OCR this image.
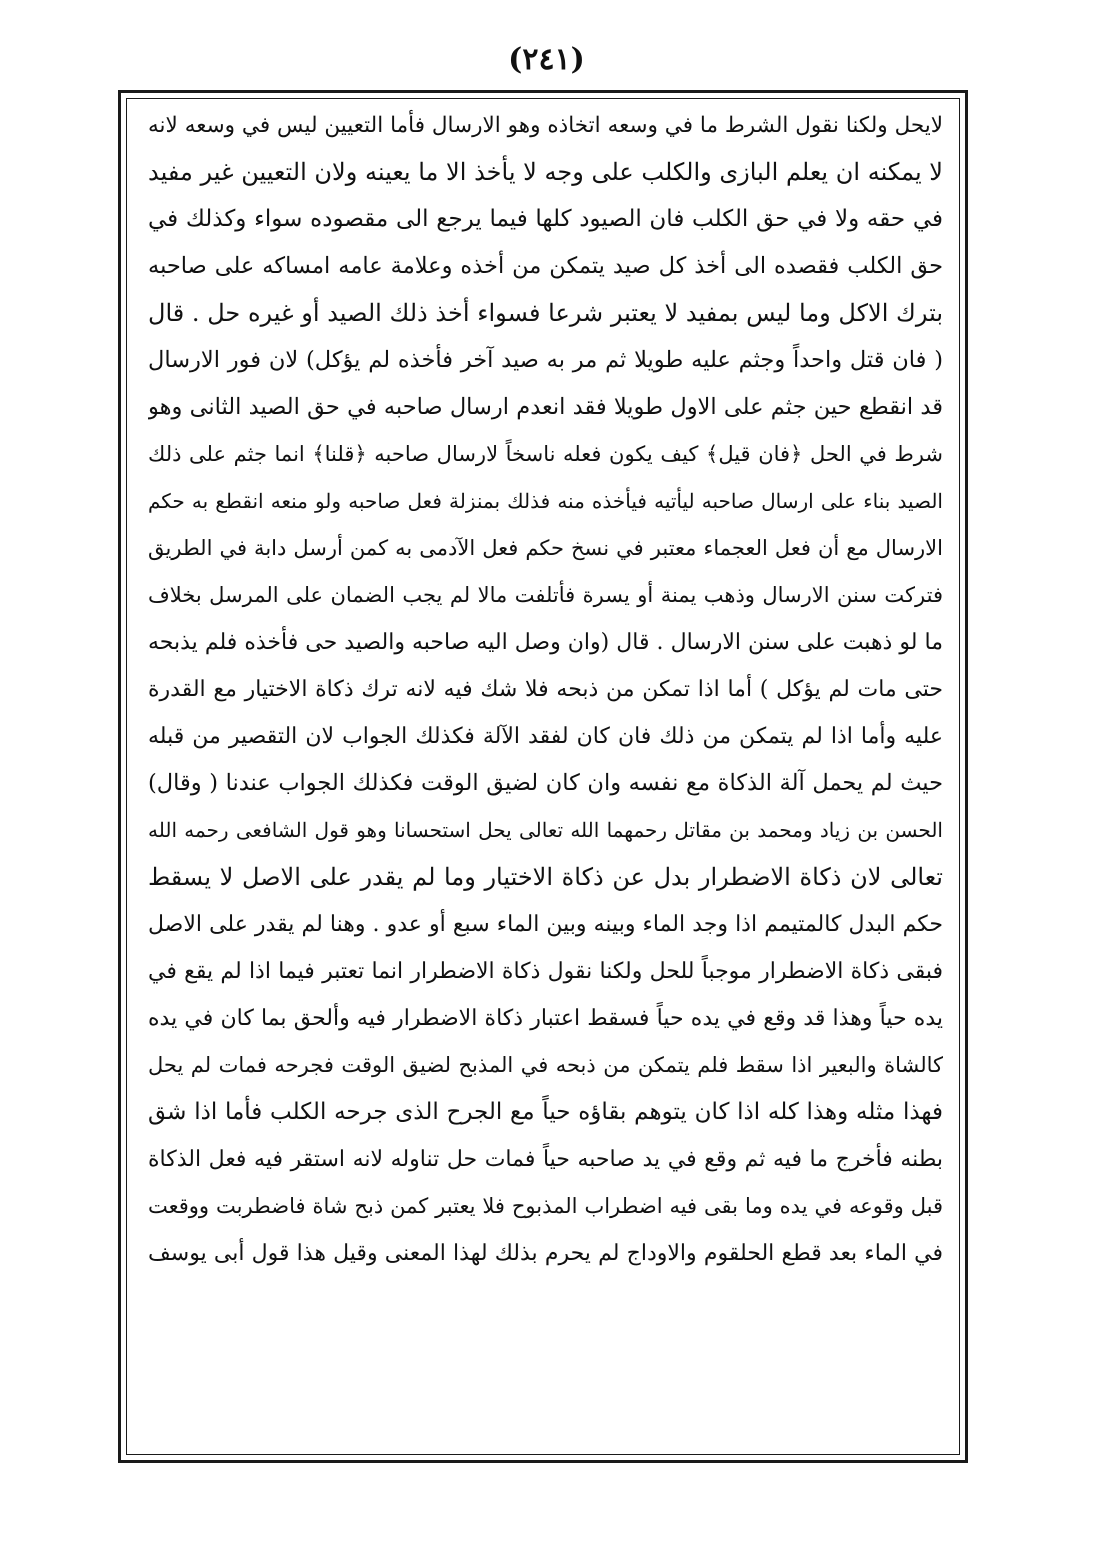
(٢٤١)
لايحل ولكنا نقول الشرط ما في وسعه اتخاذه وهو الارسال فأما التعيين ليس في وسعه لانه
لا يمكنه ان يعلم البازى والكلب على وجه لا يأخذ الا ما يعينه ولان التعيين غير مفيد
في حقه ولا في حق الكلب فان الصيود كلها فيما يرجع الى مقصوده سواء وكذلك في
حق الكلب فقصده الى أخذ كل صيد يتمكن من أخذه وعلامة عامه امساكه على صاحبه
بترك الاكل وما ليس بمفيد لا يعتبر شرعا فسواء أخذ ذلك الصيد أو غيره حل . قال
( فان قتل واحداً وجثم عليه طويلا ثم مر به صيد آخر فأخذه لم يؤكل) لان فور الارسال
قد انقطع حين جثم على الاول طويلا فقد انعدم ارسال صاحبه في حق الصيد الثانى وهو
شرط في الحل ﴿فان قيل﴾ كيف يكون فعله ناسخاً لارسال صاحبه ﴿قلنا﴾ انما جثم على ذلك
الصيد بناء على ارسال صاحبه ليأتيه فيأخذه منه فذلك بمنزلة فعل صاحبه ولو منعه انقطع به حكم
الارسال مع أن فعل العجماء معتبر في نسخ حكم فعل الآدمى به كمن أرسل دابة في الطريق
فتركت سنن الارسال وذهب يمنة أو يسرة فأتلفت مالا لم يجب الضمان على المرسل بخلاف
ما لو ذهبت على سنن الارسال . قال (وان وصل اليه صاحبه والصيد حى فأخذه فلم يذبحه
حتى مات لم يؤكل ) أما اذا تمكن من ذبحه فلا شك فيه لانه ترك ذكاة الاختيار مع القدرة
عليه وأما اذا لم يتمكن من ذلك فان كان لفقد الآلة فكذلك الجواب لان التقصير من قبله
حيث لم يحمل آلة الذكاة مع نفسه وان كان لضيق الوقت فكذلك الجواب عندنا ( وقال)
الحسن بن زياد ومحمد بن مقاتل رحمهما الله تعالى يحل استحسانا وهو قول الشافعى رحمه الله
تعالى لان ذكاة الاضطرار بدل عن ذكاة الاختيار وما لم يقدر على الاصل لا يسقط
حكم البدل كالمتيمم اذا وجد الماء وبينه وبين الماء سبع أو عدو . وهنا لم يقدر على الاصل
فبقى ذكاة الاضطرار موجباً للحل ولكنا نقول ذكاة الاضطرار انما تعتبر فيما اذا لم يقع في
يده حياً وهذا قد وقع في يده حياً فسقط اعتبار ذكاة الاضطرار فيه وألحق بما كان في يده
كالشاة والبعير اذا سقط فلم يتمكن من ذبحه في المذبح لضيق الوقت فجرحه فمات لم يحل
فهذا مثله وهذا كله اذا كان يتوهم بقاؤه حياً مع الجرح الذى جرحه الكلب فأما اذا شق
بطنه فأخرج ما فيه ثم وقع في يد صاحبه حياً فمات حل تناوله لانه استقر فيه فعل الذكاة
قبل وقوعه في يده وما بقى فيه اضطراب المذبوح فلا يعتبر كمن ذبح شاة فاضطربت ووقعت
في الماء بعد قطع الحلقوم والاوداج لم يحرم بذلك لهذا المعنى وقيل هذا قول أبى يوسف
